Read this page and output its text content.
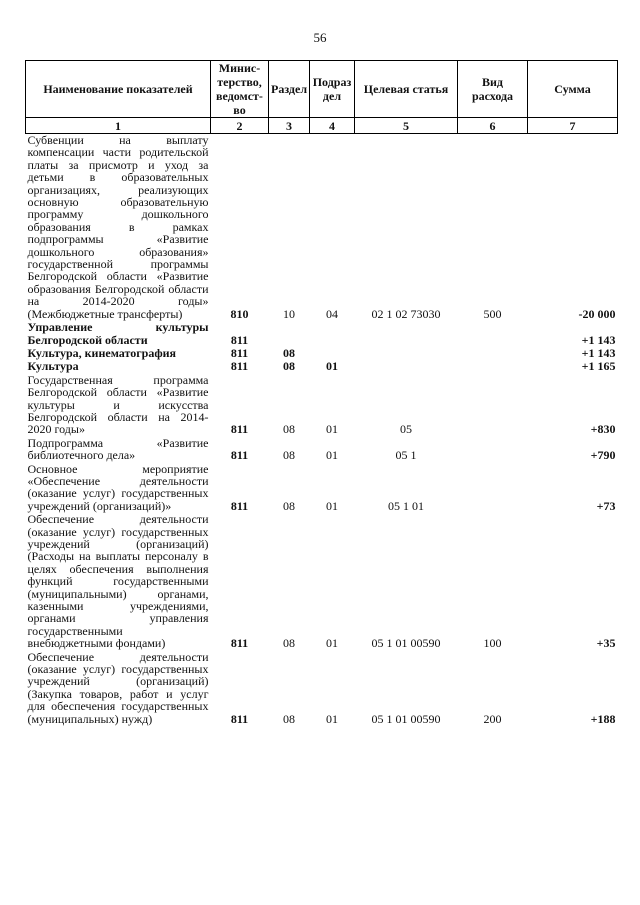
56
Наименование показателей	Минис-терство, ведомст-во	Раздел	Подраз дел	Целевая статья	Вид расхода	Сумма
1	2	3	4	5	6	7
Субвенции на выплату компенсации части родительской платы за присмотр и уход за детьми в образовательных организациях, реализующих основную образовательную программу дошкольного образования в рамках подпрограммы «Развитие дошкольного образования» государственной программы Белгородской области «Развитие образования Белгородской области на 2014-2020 годы» (Межбюджетные трансферты)	810	10	04	02 1 02 73030	500	-20 000
Управление культуры Белгородской области	811					+1 143
Культура, кинематография	811	08				+1 143
Культура	811	08	01			+1 165
Государственная программа Белгородской области «Развитие культуры и искусства Белгородской области на 2014-2020 годы»	811	08	01	05		+830
Подпрограмма «Развитие библиотечного дела»	811	08	01	05 1		+790
Основное мероприятие «Обеспечение деятельности (оказание услуг) государственных учреждений (организаций)»	811	08	01	05 1 01		+73
Обеспечение деятельности (оказание услуг) государственных учреждений (организаций) (Расходы на выплаты персоналу в целях обеспечения выполнения функций государственными (муниципальными) органами, казенными учреждениями, органами управления государственными внебюджетными фондами)	811	08	01	05 1 01 00590	100	+35
Обеспечение деятельности (оказание услуг) государственных учреждений (организаций) (Закупка товаров, работ и услуг для обеспечения государственных (муниципальных) нужд)	811	08	01	05 1 01 00590	200	+188
